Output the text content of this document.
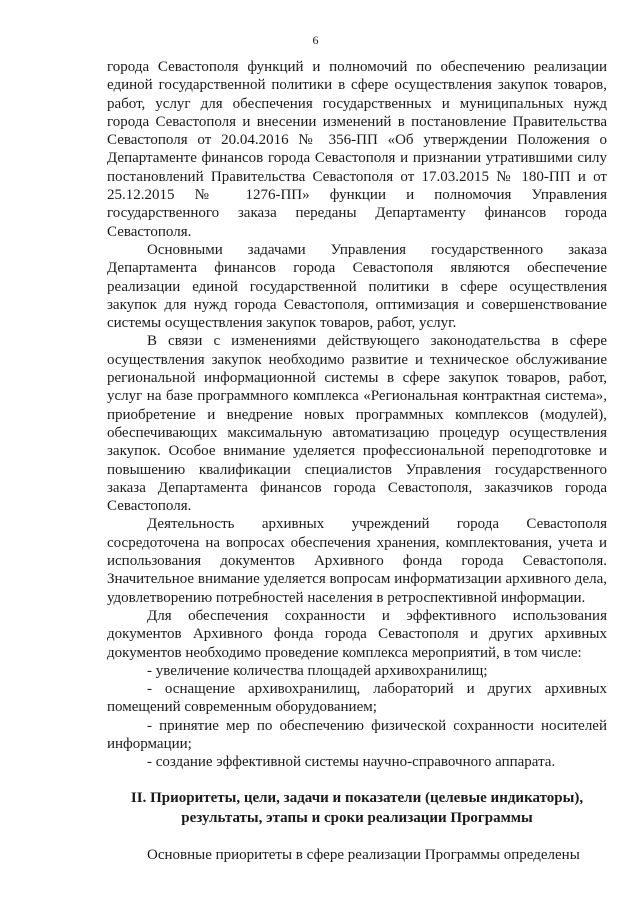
6

города Севастополя функций и полномочий по обеспечению реализации единой государственной политики в сфере осуществления закупок товаров, работ, услуг для обеспечения государственных и муниципальных нужд города Севастополя и внесении изменений в постановление Правительства Севастополя от 20.04.2016 № 356-ПП «Об утверждении Положения о Департаменте финансов города Севастополя и признании утратившими силу постановлений Правительства Севастополя от 17.03.2015 № 180-ПП и от 25.12.2015 № 1276-ПП» функции и полномочия Управления государственного заказа переданы Департаменту финансов города Севастополя.

Основными задачами Управления государственного заказа Департамента финансов города Севастополя являются обеспечение реализации единой государственной политики в сфере осуществления закупок для нужд города Севастополя, оптимизация и совершенствование системы осуществления закупок товаров, работ, услуг.

В связи с изменениями действующего законодательства в сфере осуществления закупок необходимо развитие и техническое обслуживание региональной информационной системы в сфере закупок товаров, работ, услуг на базе программного комплекса «Региональная контрактная система», приобретение и внедрение новых программных комплексов (модулей), обеспечивающих максимальную автоматизацию процедур осуществления закупок. Особое внимание уделяется профессиональной переподготовке и повышению квалификации специалистов Управления государственного заказа Департамента финансов города Севастополя, заказчиков города Севастополя.

Деятельность архивных учреждений города Севастополя сосредоточена на вопросах обеспечения хранения, комплектования, учета и использования документов Архивного фонда города Севастополя. Значительное внимание уделяется вопросам информатизации архивного дела, удовлетворению потребностей населения в ретроспективной информации.

Для обеспечения сохранности и эффективного использования документов Архивного фонда города Севастополя и других архивных документов необходимо проведение комплекса мероприятий, в том числе:

- увеличение количества площадей архивохранилищ;

- оснащение архивохранилищ, лабораторий и других архивных помещений современным оборудованием;

- принятие мер по обеспечению физической сохранности носителей информации;

- создание эффективной системы научно-справочного аппарата.

II. Приоритеты, цели, задачи и показатели (целевые индикаторы),
результаты, этапы и сроки реализации Программы

Основные приоритеты в сфере реализации Программы определены
